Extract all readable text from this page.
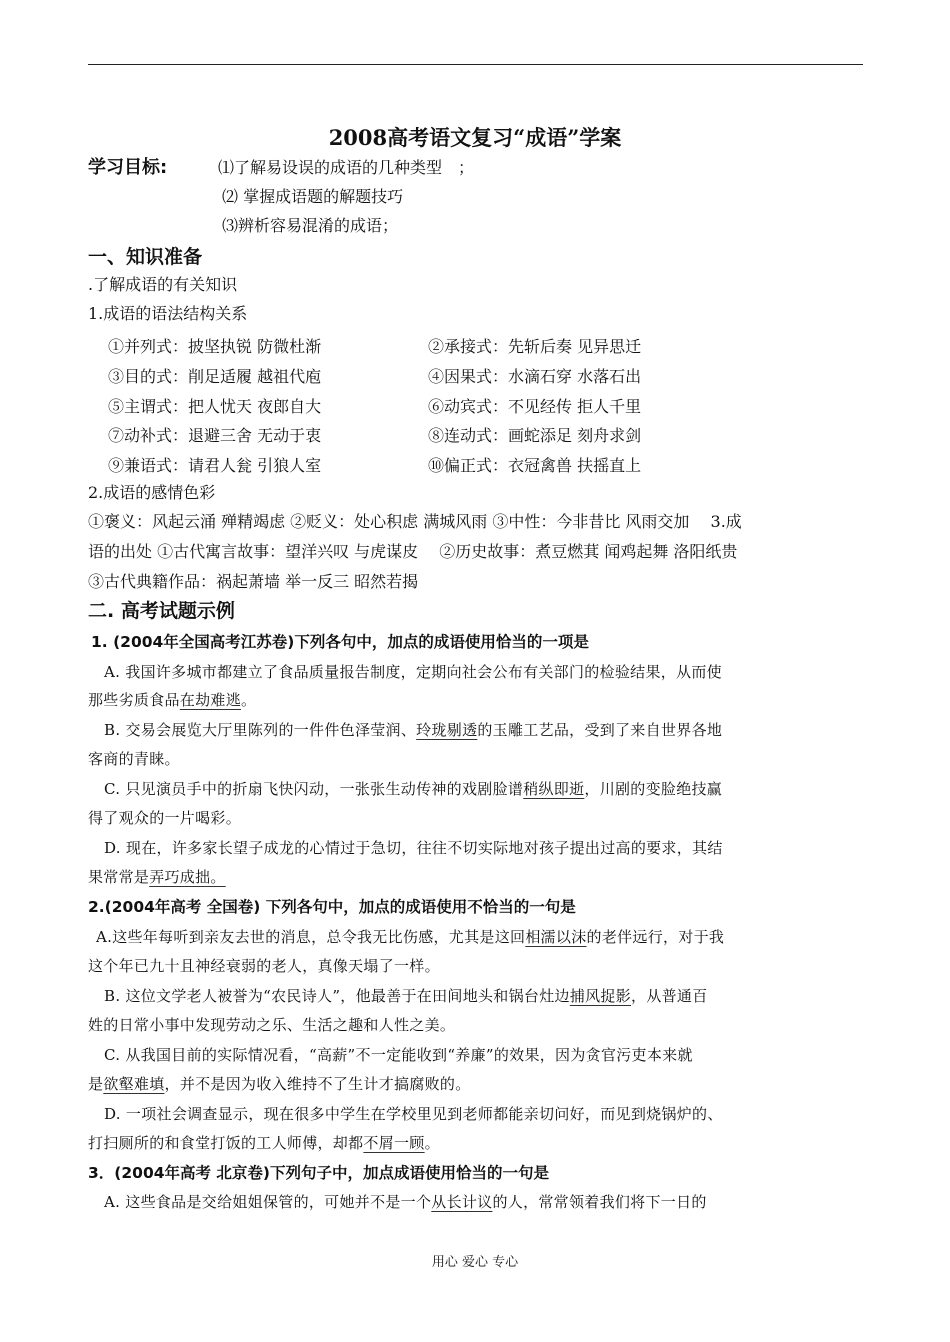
2008高考语文复习“成语”学案
学习目标:	⑴了解易设误的成语的几种类型　；
⑵ 掌握成语题的解题技巧
⑶辨析容易混淆的成语；
一、知识准备
.了解成语的有关知识
1.成语的语法结构关系
①并列式：披坚执锐 防微杜渐	②承接式：先斩后奏 见异思迁
③目的式：削足适履 越祖代庖	④因果式：水滴石穿 水落石出
⑤主谓式：把人忧天 夜郎自大	⑥动宾式：不见经传 拒人千里
⑦动补式：退避三舍 无动于衷	⑧连动式：画蛇添足 刻舟求剑
⑨兼语式：请君人瓮 引狼人室	⑩偏正式：衣冠禽兽 扶摇直上
2.成语的感情色彩
①褒义：风起云涌 殚精竭虑 ②贬义：处心积虑 满城风雨 ③中性：今非昔比 风雨交加　 3.成
语的出处 ①古代寓言故事：望洋兴叹 与虎谋皮　 ②历史故事：煮豆燃萁 闻鸡起舞 洛阳纸贵
③古代典籍作品：祸起萧墙 举一反三 昭然若揭
二. 高考试题示例
1. (2004年全国高考江苏卷)下列各句中，加点的成语使用恰当的一项是
A. 我国许多城市都建立了食品质量报告制度，定期向社会公布有关部门的检验结果，从而使
那些劣质食品在劫难逃。
B. 交易会展览大厅里陈列的一件件色泽莹润、玲珑剔透的玉雕工艺品，受到了来自世界各地
客商的青睐。
C. 只见演员手中的折扇飞快闪动，一张张生动传神的戏剧脸谱稍纵即逝，川剧的变脸绝技赢
得了观众的一片喝彩。
D. 现在，许多家长望子成龙的心情过于急切，往往不切实际地对孩子提出过高的要求，其结
果常常是弄巧成拙。
2.(2004年高考 全国卷) 下列各句中，加点的成语使用不恰当的一句是
A.这些年每听到亲友去世的消息，总令我无比伤感，尤其是这回相濡以沫的老伴远行，对于我
这个年已九十且神经衰弱的老人，真像天塌了一样。
B. 这位文学老人被誉为“农民诗人”，他最善于在田间地头和锅台灶边捕风捉影，从普通百
姓的日常小事中发现劳动之乐、生活之趣和人性之美。
C. 从我国目前的实际情况看，“高薪”不一定能收到“养廉”的效果，因为贪官污吏本来就
是欲壑难填，并不是因为收入维持不了生计才搞腐败的。
D. 一项社会调查显示，现在很多中学生在学校里见到老师都能亲切问好，而见到烧锅炉的、
打扫厕所的和食堂打饭的工人师傅，却都不屑一顾。
3．(2004年高考 北京卷)下列句子中，加点成语使用恰当的一句是
A. 这些食品是交给姐姐保管的，可她并不是一个从长计议的人，常常领着我们将下一日的
用心 爱心 专心
